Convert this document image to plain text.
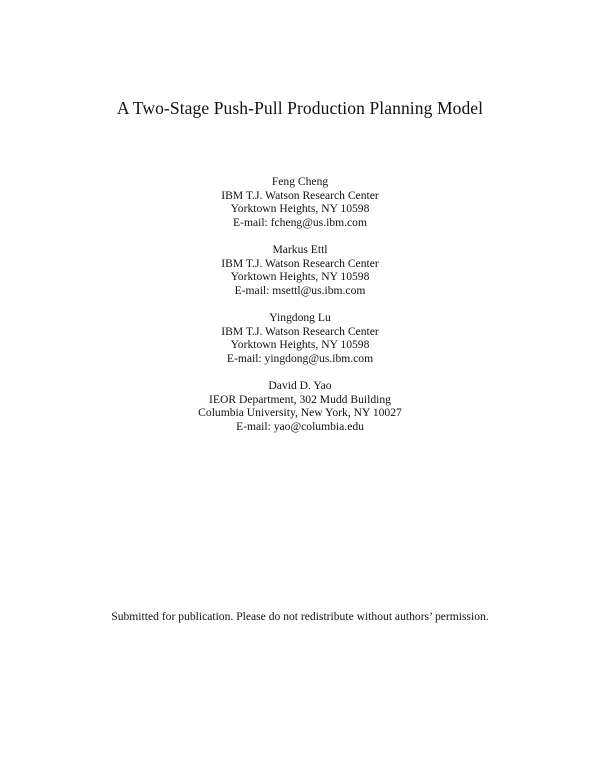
A Two-Stage Push-Pull Production Planning Model
Feng Cheng
IBM T.J. Watson Research Center
Yorktown Heights, NY 10598
E-mail: fcheng@us.ibm.com
Markus Ettl
IBM T.J. Watson Research Center
Yorktown Heights, NY 10598
E-mail: msettl@us.ibm.com
Yingdong Lu
IBM T.J. Watson Research Center
Yorktown Heights, NY 10598
E-mail: yingdong@us.ibm.com
David D. Yao
IEOR Department, 302 Mudd Building
Columbia University, New York, NY 10027
E-mail: yao@columbia.edu
Submitted for publication. Please do not redistribute without authors’ permission.
